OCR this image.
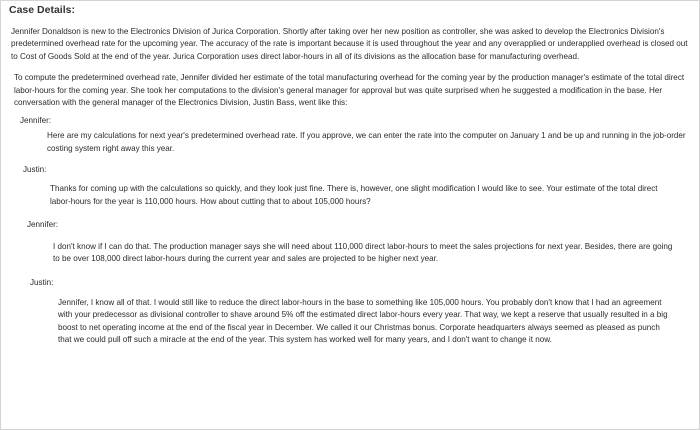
Case Details:

Jennifer Donaldson is new to the Electronics Division of Jurica Corporation. Shortly after taking over her new position as controller, she was asked to develop the Electronics Division's predetermined overhead rate for the upcoming year. The accuracy of the rate is important because it is used throughout the year and any overapplied or underapplied overhead is closed out to Cost of Goods Sold at the end of the year. Jurica Corporation uses direct labor-hours in all of its divisions as the allocation base for manufacturing overhead.

To compute the predetermined overhead rate, Jennifer divided her estimate of the total manufacturing overhead for the coming year by the production manager's estimate of the total direct labor-hours for the coming year. She took her computations to the division's general manager for approval but was quite surprised when he suggested a modification in the base. Her conversation with the general manager of the Electronics Division, Justin Bass, went like this:

Jennifer:

Here are my calculations for next year's predetermined overhead rate. If you approve, we can enter the rate into the computer on January 1 and be up and running in the job-order costing system right away this year.

Justin:

Thanks for coming up with the calculations so quickly, and they look just fine. There is, however, one slight modification I would like to see. Your estimate of the total direct labor-hours for the year is 110,000 hours. How about cutting that to about 105,000 hours?

Jennifer:

I don't know if I can do that. The production manager says she will need about 110,000 direct labor-hours to meet the sales projections for next year. Besides, there are going to be over 108,000 direct labor-hours during the current year and sales are projected to be higher next year.

Justin:

Jennifer, I know all of that. I would still like to reduce the direct labor-hours in the base to something like 105,000 hours. You probably don't know that I had an agreement with your predecessor as divisional controller to shave around 5% off the estimated direct labor-hours every year. That way, we kept a reserve that usually resulted in a big boost to net operating income at the end of the fiscal year in December. We called it our Christmas bonus. Corporate headquarters always seemed as pleased as punch that we could pull off such a miracle at the end of the year. This system has worked well for many years, and I don't want to change it now.
